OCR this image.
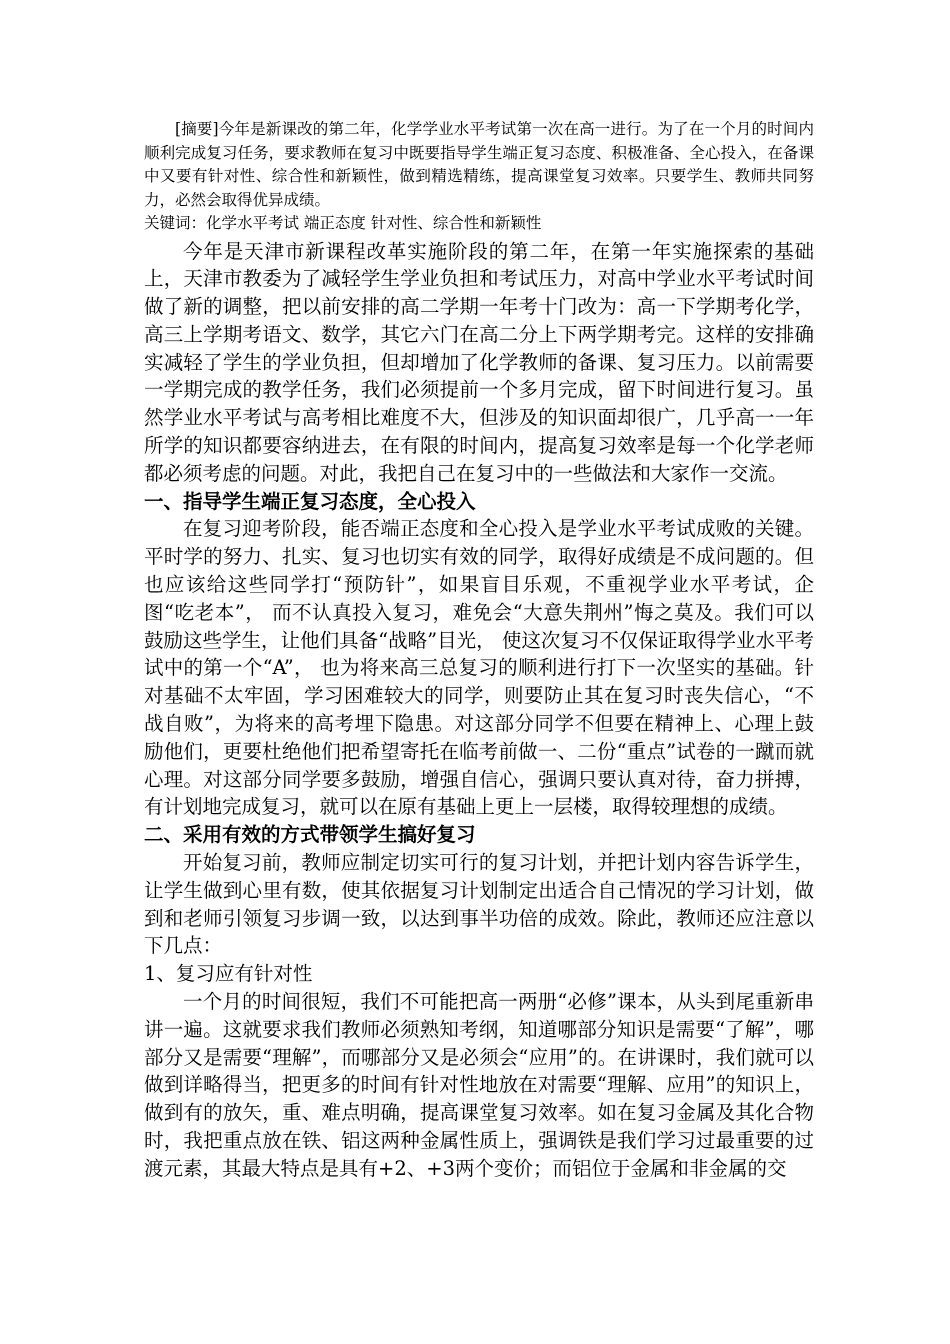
[摘要]今年是新课改的第二年，化学学业水平考试第一次在高一进行。为了在一个月的时间内顺利完成复习任务，要求教师在复习中既要指导学生端正复习态度、积极准备、全心投入，在备课中又要有针对性、综合性和新颖性，做到精选精练，提高课堂复习效率。只要学生、教师共同努力，必然会取得优异成绩。

关键词：化学水平考试 端正态度 针对性、综合性和新颖性

今年是天津市新课程改革实施阶段的第二年，在第一年实施探索的基础上，天津市教委为了减轻学生学业负担和考试压力，对高中学业水平考试时间做了新的调整，把以前安排的高二学期一年考十门改为：高一下学期考化学，高三上学期考语文、数学，其它六门在高二分上下两学期考完。这样的安排确实减轻了学生的学业负担，但却增加了化学教师的备课、复习压力。以前需要一学期完成的教学任务，我们必须提前一个多月完成，留下时间进行复习。虽然学业水平考试与高考相比难度不大，但涉及的知识面却很广，几乎高一一年所学的知识都要容纳进去，在有限的时间内，提高复习效率是每一个化学老师都必须考虑的问题。对此，我把自己在复习中的一些做法和大家作一交流。

一、指导学生端正复习态度，全心投入

在复习迎考阶段，能否端正态度和全心投入是学业水平考试成败的关键。平时学的努力、扎实、复习也切实有效的同学，取得好成绩是不成问题的。但也应该给这些同学打“预防针”，如果盲目乐观，不重视学业水平考试，企图“吃老本”， 而不认真投入复习，难免会“大意失荆州”悔之莫及。我们可以鼓励这些学生，让他们具备“战略”目光， 使这次复习不仅保证取得学业水平考试中的第一个“A”， 也为将来高三总复习的顺利进行打下一次坚实的基础。针对基础不太牢固，学习困难较大的同学，则要防止其在复习时丧失信心，“不战自败”，为将来的高考埋下隐患。对这部分同学不但要在精神上、心理上鼓励他们，更要杜绝他们把希望寄托在临考前做一、二份“重点”试卷的一蹴而就心理。对这部分同学要多鼓励，增强自信心，强调只要认真对待，奋力拼搏，有计划地完成复习，就可以在原有基础上更上一层楼，取得较理想的成绩。

二、采用有效的方式带领学生搞好复习

开始复习前，教师应制定切实可行的复习计划，并把计划内容告诉学生，让学生做到心里有数，使其依据复习计划制定出适合自己情况的学习计划，做到和老师引领复习步调一致，以达到事半功倍的成效。除此，教师还应注意以下几点：

1、复习应有针对性

一个月的时间很短，我们不可能把高一两册“必修”课本，从头到尾重新串讲一遍。这就要求我们教师必须熟知考纲，知道哪部分知识是需要“了解”，哪部分又是需要“理解”，而哪部分又是必须会“应用”的。在讲课时，我们就可以做到详略得当，把更多的时间有针对性地放在对需要“理解、应用”的知识上，做到有的放矢，重、难点明确，提高课堂复习效率。如在复习金属及其化合物时，我把重点放在铁、铝这两种金属性质上，强调铁是我们学习过最重要的过渡元素，其最大特点是具有+2、+3两个变价；而铝位于金属和非金属的交
